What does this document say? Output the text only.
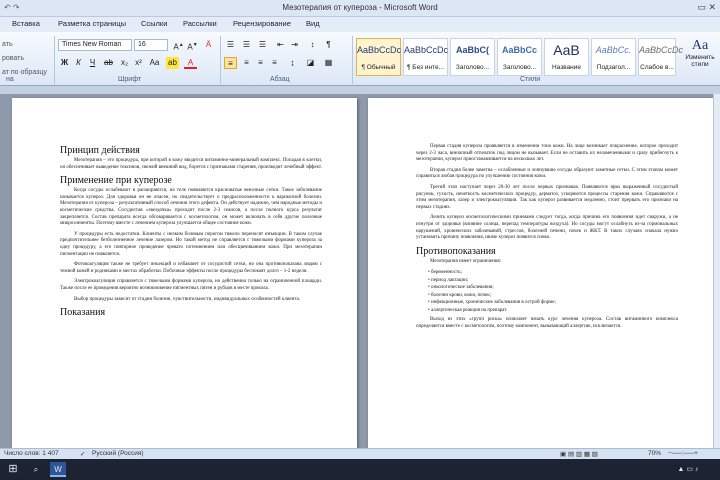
↶ ↷	Мезотерапия от купероза - Microsoft Word	▭ ✕
Вставка Разметка страницы Ссылки Рассылки Рецензирование Вид
ать
ровать
ат по образцу
на
Times New Roman	16	A▲ A▼	Ä
Ж	К	Ч	ab x₂ x² Aa ab	A
Шрифт
☰	☰	☰	⇤ ⇥	↕	¶
≡	≡	≡	≡	↨	◪	▦
Абзац
AaBbCcDc
¶ Обычный
AaBbCcDc
¶ Без инте...
AaBbC(
Заголово...
AaBbCc
Заголово...
AaB
Название
AaBbCc.
Подзагол...
AaBbCcDc
Слабое в...
Стили
Aa
Изменить стили
Принцип действия
Мезотерапия – это процедура, при которой в кожу вводится витаминно-минеральный комплекс. Попадая в клетки, он обеспечивает выведение токсинов, свежий внешний вид, борется с признаками старения, производит лечебный эффект.
Применение при куперозе
Когда сосуды ослабевают и расширяются, на теле появляются красноватые венозные сетки. Такое заболевание называется купероз. Для здоровья он не опасен, но свидетельствует о предрасположенности к варикозной болезни. Мезотерапия от купероза – результативный способ лечения этого дефекта. Он действует надежно, чем народные методы и косметические средства. Сосудистая «звездочка» проходит после 2-3 сеансов, а после полного курса результат закрепляется. Состав препарата всегда обговаривается с косметологом, он может включать в себя другие полезные микроэлементы. Поэтому вместе с лечением купероза улучшается общее состояние кожи.
У процедуры есть недостатки. Клиенты с низким болевым порогом тяжело переносят инъекции. В таком случае предпочтительнее безболезненное лечение лазером. Но такой метод не справляется с тяжелыми формами купероза за одну процедуру, а его повторное проведение чревато потемнением или обесцвечиванием кожи. При мезотерапии пигментации не появляется.
Фотокоагуляция также не требует инъекций и избавляет от сосудистой сетки, но она противопоказана людям с темной кожей и родинками в местах обработки. Побочные эффекты после процедуры беспокоят долго – 1-2 недели.
Электрокоагуляция справляется с тяжелыми формами купероза, но действенна только на ограниченной площади. Также после ее проведения вероятно возникновение пигментных пятен и рубцов в месте прокола.
Выбор процедуры зависит от стадии болезни, чувствительности, индивидуальных особенностей клиента.
Показания
Первая стадия купероза проявляется в изменении тона кожи. На лице возникает покраснение, которое проходит через 2-3 часа, внезапный отпечаток под лицом не вызывает. Если не оставить их незамеченными и сразу прибегнуть к мезотерапии, купероз приостанавливается на несколько лет.
Вторая стадия более заметна – ослабленные и лопнувшие сосуды образуют заметные сетки. С этим этапом может справиться любая процедура по улучшению состояния кожи.
Третий этап наступает через 20-30 лет после первых признаков. Появляются ярко выраженный сосудистый рисунок, сухость, нечеткость косметических процедур, дерматоз, ускоряются процессы старения кожи. Справляются с этим мезотерапия, лазер и электрокоагуляция. Так как купероз развивается медленно, стоит прервать его признаки на первых стадиях.
Лечить купероз косметологическими приемами следует тогда, когда причина его появления идет снаружи, а не изнутри от здоровья (влияние солнца, перепад температуры воздуха). Но сосуды могут ослабнуть из-за гормональных нарушений, хронических заболеваний, стрессов, болезней печени, почек и ЖКТ. В таких случаях сначала нужно установить причину появления, иначе купероз появится снова.
Противопоказания
Мезотерапия имеет ограничения:
• беременность;
• период лактации;
• онкологические заболевания;
• болезни крови, кожи, почек;
• инфекционные, хронические заболевания в острой форме;
• аллергическая реакция на препарат.
Выход из этих «групп риска» позволяет начать курс лечения купероза. Состав витаминного комплекса определяется вместе с косметологом, поэтому компонент, вызывающий аллергию, исключается.
Число слов: 1 407	✓ Русский (Россия)	▣ ▤ ▥ ▦ ▧	70% −──○──+
⊞	⌕	W	▲ ▭ ♪
